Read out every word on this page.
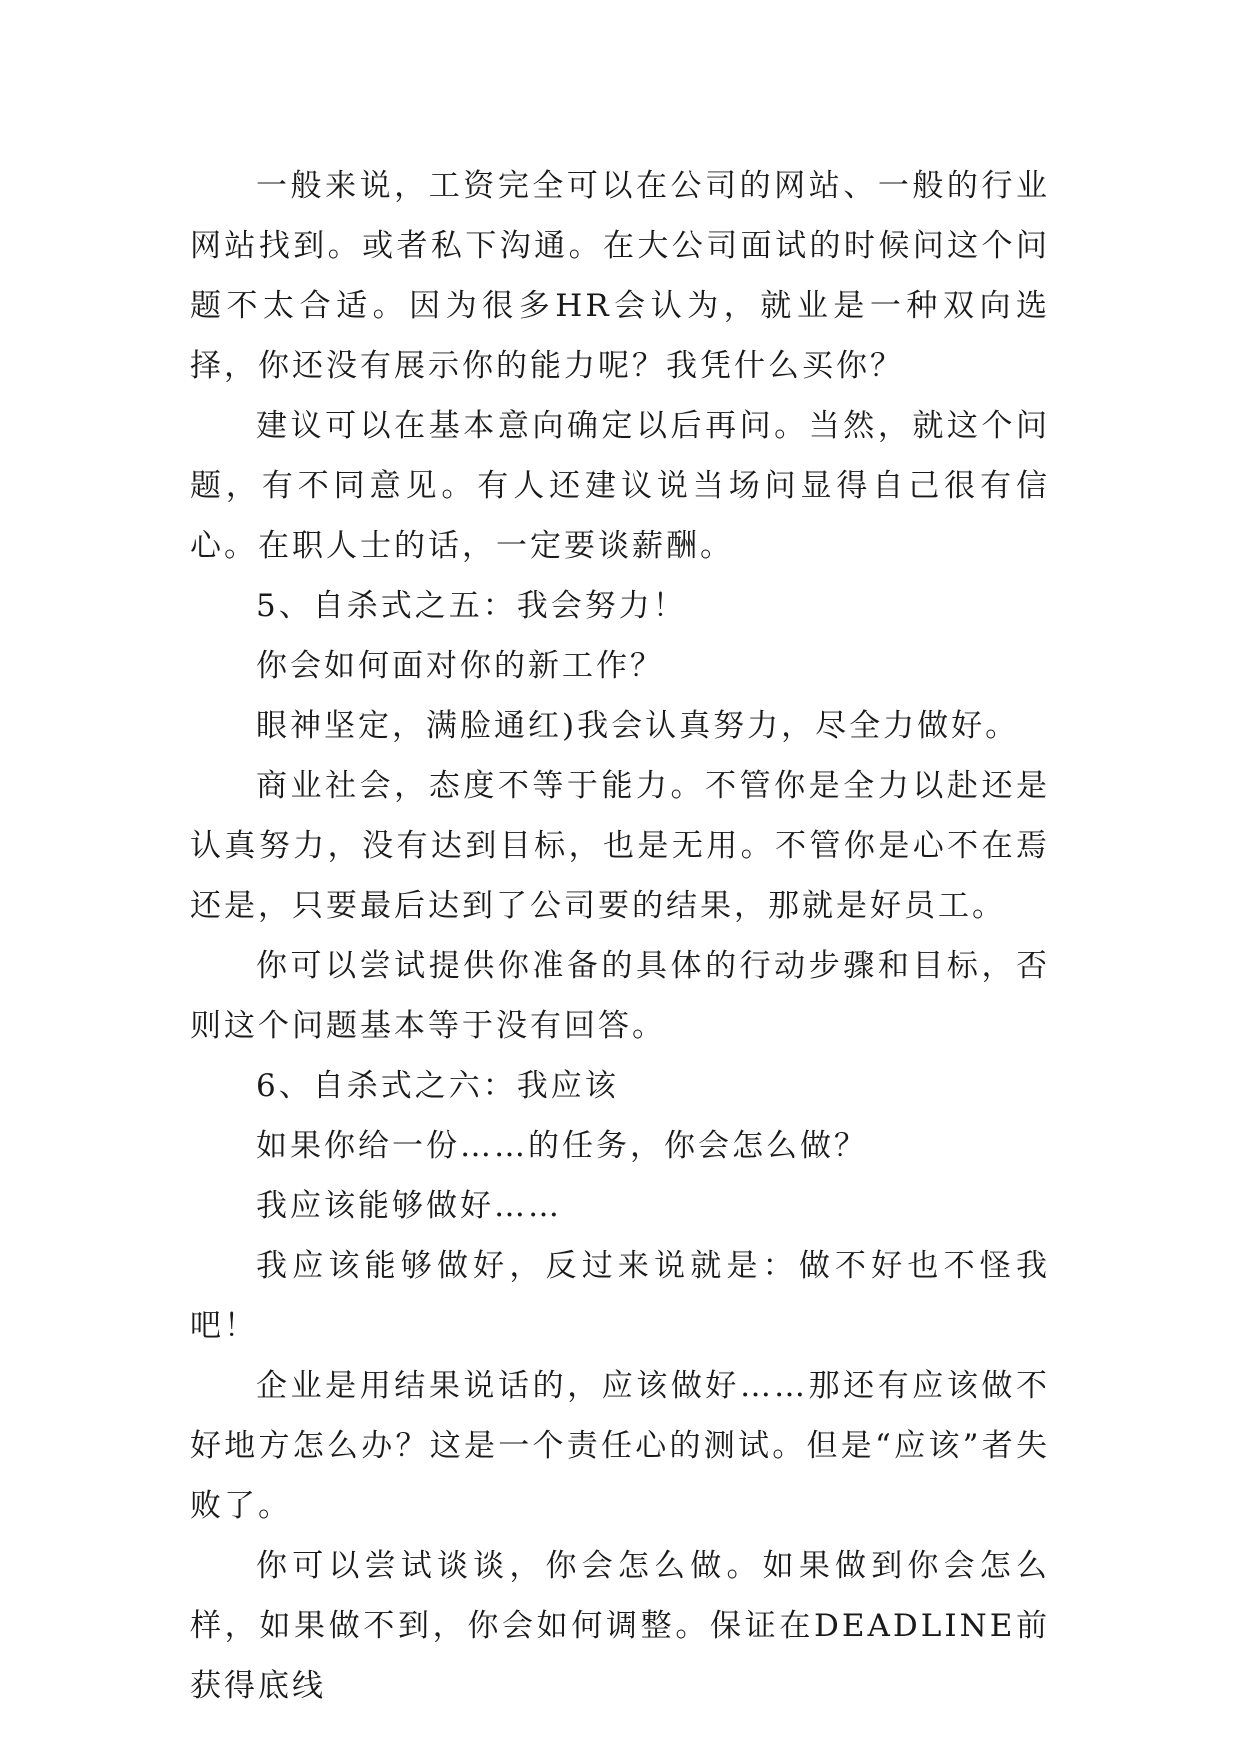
一般来说，工资完全可以在公司的网站、一般的行业网站找到。或者私下沟通。在大公司面试的时候问这个问题不太合适。因为很多HR会认为，就业是一种双向选择，你还没有展示你的能力呢？我凭什么买你？

建议可以在基本意向确定以后再问。当然，就这个问题，有不同意见。有人还建议说当场问显得自己很有信心。在职人士的话，一定要谈薪酬。

5、自杀式之五：我会努力！

你会如何面对你的新工作？

眼神坚定，满脸通红)我会认真努力，尽全力做好。

商业社会，态度不等于能力。不管你是全力以赴还是认真努力，没有达到目标，也是无用。不管你是心不在焉还是，只要最后达到了公司要的结果，那就是好员工。

你可以尝试提供你准备的具体的行动步骤和目标，否则这个问题基本等于没有回答。

6、自杀式之六：我应该

如果你给一份……的任务，你会怎么做？

我应该能够做好……

我应该能够做好，反过来说就是：做不好也不怪我吧！

企业是用结果说话的，应该做好……那还有应该做不好地方怎么办？这是一个责任心的测试。但是“应该”者失败了。

你可以尝试谈谈，你会怎么做。如果做到你会怎么样，如果做不到，你会如何调整。保证在DEADLINE前获得底线
